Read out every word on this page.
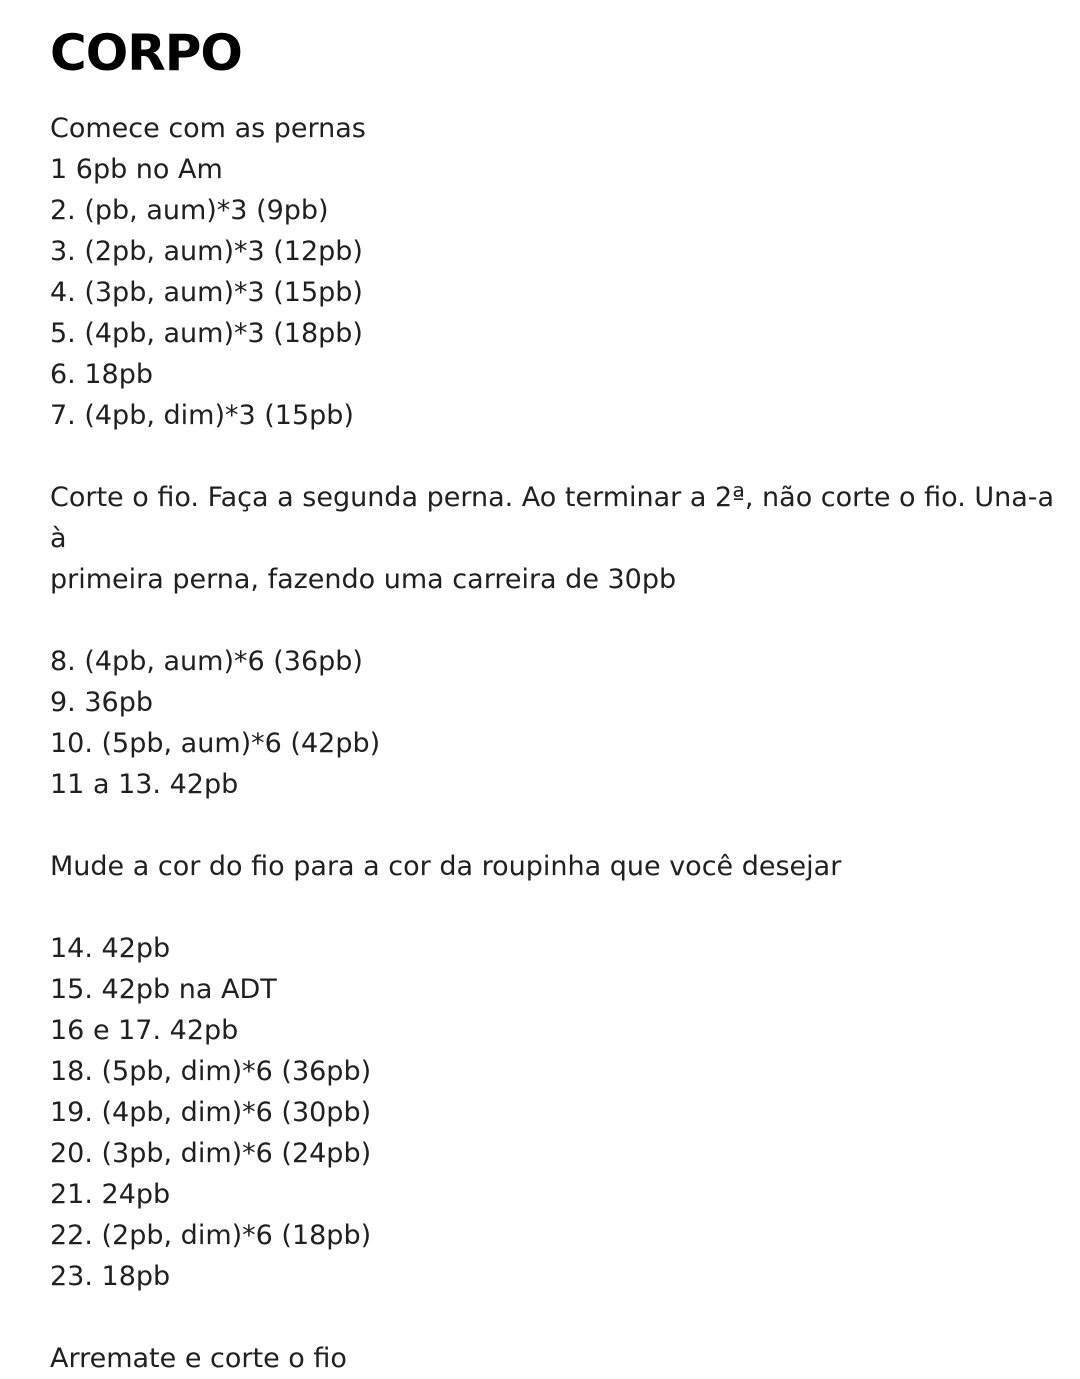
CORPO
Comece com as pernas
1 6pb no Am
2. (pb, aum)*3 (9pb)
3. (2pb, aum)*3 (12pb)
4. (3pb, aum)*3 (15pb)
5. (4pb, aum)*3 (18pb)
6. 18pb
7. (4pb, dim)*3 (15pb)
Corte o fio. Faça a segunda perna. Ao terminar a 2ª, não corte o fio. Una-a à
primeira perna, fazendo uma carreira de 30pb
8. (4pb, aum)*6 (36pb)
9. 36pb
10. (5pb, aum)*6 (42pb)
11 a 13. 42pb
Mude a cor do fio para a cor da roupinha que você desejar
14. 42pb
15. 42pb na ADT
16 e 17. 42pb
18. (5pb, dim)*6 (36pb)
19. (4pb, dim)*6 (30pb)
20. (3pb, dim)*6 (24pb)
21. 24pb
22. (2pb, dim)*6 (18pb)
23. 18pb
Arremate e corte o fio
